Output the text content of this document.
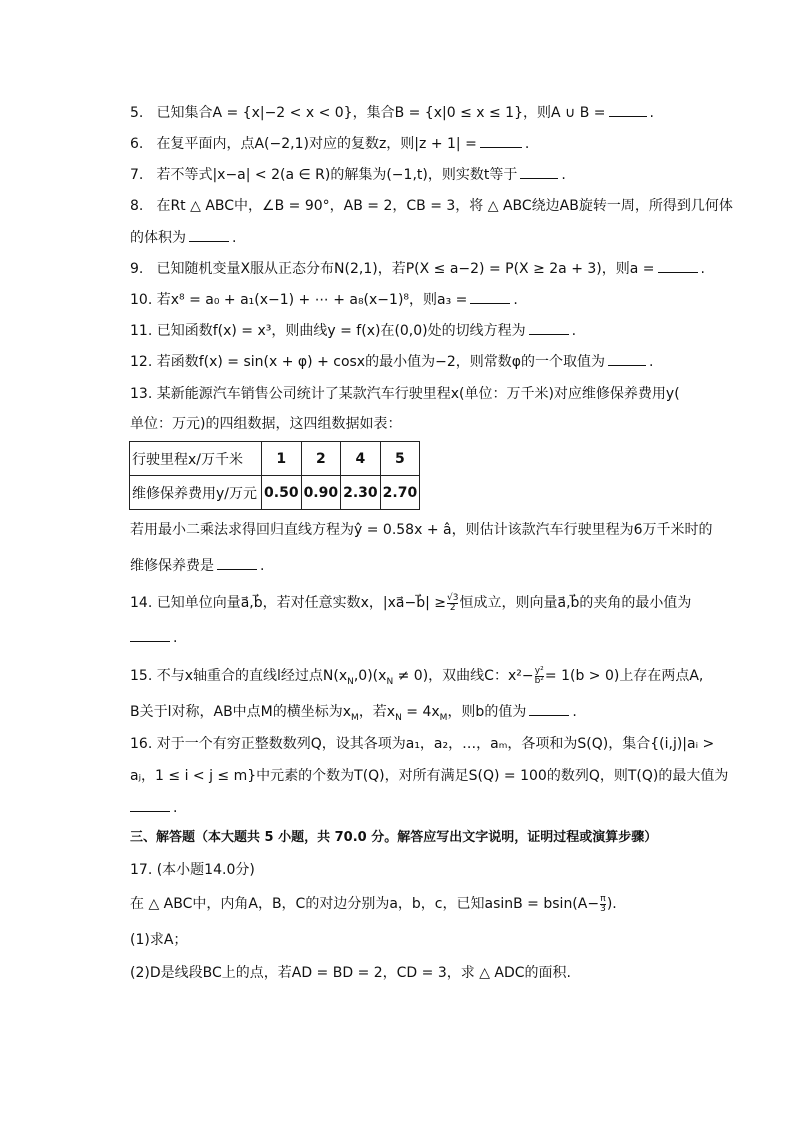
5. 已知集合A = {x|−2 < x < 0}，集合B = {x|0 ≤ x ≤ 1}，则A ∪ B =	.
6. 在复平面内，点A(−2,1)对应的复数z，则|z + 1| =	.
7. 若不等式|x−a| < 2(a ∈ R)的解集为(−1,t)，则实数t等于	.
8. 在Rt △ ABC中，∠B = 90°，AB = 2，CB = 3，将 △ ABC绕边AB旋转一周，所得到几何体
的体积为	.
9. 已知随机变量X服从正态分布N(2,1)，若P(X ≤ a−2) = P(X ≥ 2a + 3)，则a =	.
10. 若x⁸ = a₀ + a₁(x−1) + ⋯ + a₈(x−1)⁸，则a₃ =	.
11. 已知函数f(x) = x³，则曲线y = f(x)在(0,0)处的切线方程为	.
12. 若函数f(x) = sin(x + φ) + cosx的最小值为−2，则常数φ的一个取值为	.
13. 某新能源汽车销售公司统计了某款汽车行驶里程x(单位：万千米)对应维修保养费用y(
单位：万元)的四组数据，这四组数据如表：
行驶里程x/万千米	1	2	4	5
维修保养费用y/万元	0.50	0.90	2.30	2.70
若用最小二乘法求得回归直线方程为ŷ = 0.58x + â，则估计该款汽车行驶里程为6万千米时的
维修保养费是	.
14. 已知单位向量a⃗,b⃗，若对任意实数x，|xa⃗−b⃗| ≥ $\frac{√3}{2}$ 恒成立，则向量a⃗,b⃗的夹角的最小值为
.
15. 不与x轴重合的直线l经过点$N(x_N,0)(x_N \ne 0)$，双曲线C：$x^2- \frac{\text{y²}}{\text{b²}} = 1(b > 0)$上存在两点A,
B关于l对称，AB中点M的横坐标为$x_M$，若$x_N = 4x_M$，则b的值为	.
16. 对于一个有穷正整数数列Q，设其各项为a₁，a₂，…，aₘ，各项和为S(Q)，集合{(i,j)|aᵢ >
aⱼ，1 ≤ i < j ≤ m}中元素的个数为T(Q)，对所有满足S(Q) = 100的数列Q，则T(Q)的最大值为
.
三、解答题（本大题共 5 小题，共 70.0 分。解答应写出文字说明，证明过程或演算步骤）
17. (本小题14.0分)
在 △ ABC中，内角A，B，C的对边分别为a，b，c，已知$asinB = bsin(A- \frac{\pi}{3}$ ).
(1)求A；
(2)D是线段BC上的点，若AD = BD = 2，CD = 3，求 △ ADC的面积.
